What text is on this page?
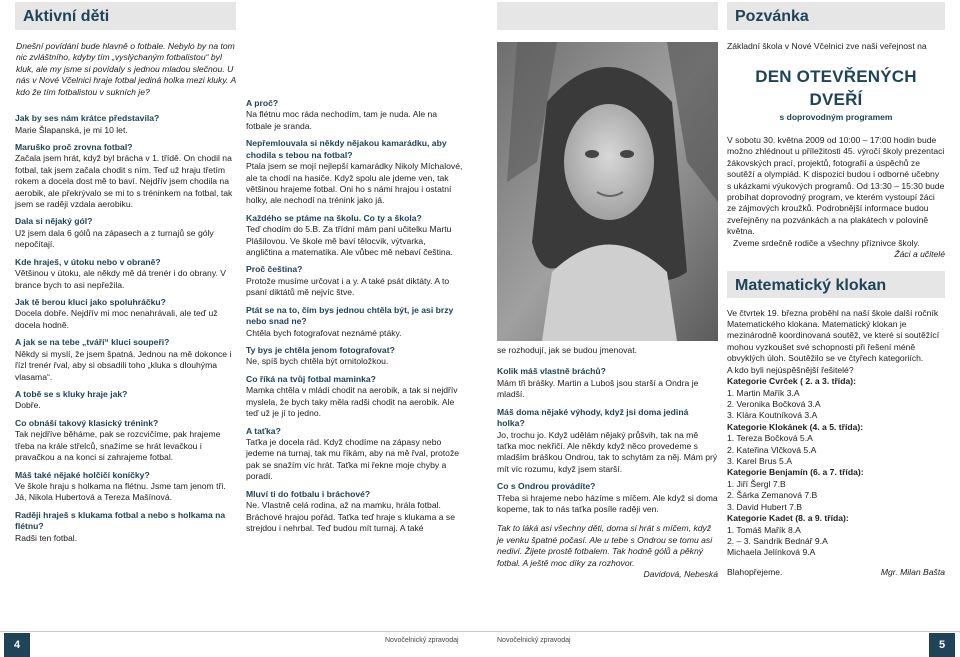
Aktivní děti

Dnešní povídání bude hlavně o fotbale. Nebylo by na tom nic zvláštního, kdyby tím „vyslýchaným fotbalistou“ byl kluk, ale my jsme si povídaly s jednou mladou slečnou. U nás v Nové Včelnici hraje fotbal jediná holka mezi kluky. A kdo že tím fotbalistou v sukních je?

Jak by ses nám krátce představila?

Marie Šlapanská, je mi 10 let.

Maruško proč zrovna fotbal?

Začala jsem hrát, když byl brácha v 1. třídě. On chodil na fotbal, tak jsem začala chodit s ním. Teď už hraju třetím rokem a docela dost mě to baví. Nejdřív jsem chodila na aerobik, ale překrývalo se mi to s tréninkem na fotbal, tak jsem se raději vzdala aerobiku.

Dala si nějaký gól?

Už jsem dala 6 gólů na zápasech a z turnajů se góly nepočítají.

Kde hraješ, v útoku nebo v obraně?

Většinou v útoku, ale někdy mě dá trenér i do obrany. V brance bych to asi nepřežila.

Jak tě berou kluci jako spoluhráčku?

Docela dobře. Nejdřív mi moc nenahrávali, ale teď už docela hodně.

A jak se na tebe „tváří“ kluci soupeři?

Někdy si myslí, že jsem špatná. Jednou na mě dokonce i řízl trenér řval, aby si obsadili toho „kluka s dlouhýma vlasama“.

A tobě se s kluky hraje jak?

Dobře.

Co obnáší takový klasický trénink?

Tak nejdříve běháme, pak se rozcvičíme, pak hrajeme třeba na krále střelců, snažíme se hrát levačkou i pravačkou a na konci si zahrajeme fotbal.

Máš také nějaké holčičí koníčky?

Ve škole hraju s holkama na flétnu. Jsme tam jenom tři. Já, Nikola Hubertová a Tereza Mašínová.

Raději hraješ s klukama fotbal a nebo s holkama na flétnu?

Radši ten fotbal.

A proč?

Na flétnu moc ráda nechodím, tam je nuda. Ale na fotbale je sranda.

Nepřemlouvala si někdy nějakou kamarádku, aby chodila s tebou na fotbal?

Ptala jsem se mojí nejlepší kamarádky Nikoly Míchalové, ale ta chodí na hasiče. Když spolu ale jdeme ven, tak většinou hrajeme fotbal. Oni ho s námi hrajou i ostatní holky, ale nechodí na trénink jako já.

Každého se ptáme na školu. Co ty a škola?

Teď chodím do 5.B. Za třídní mám paní učitelku Martu Plášilovou. Ve škole mě baví tělocvik, výtvarka, angličtina a matematika. Ale vůbec mě nebaví čeština.

Proč čeština?

Protože musíme určovat i a y. A také psát diktáty. A to psaní diktátů mě nejvíc štve.

Ptát se na to, čím bys jednou chtěla být, je asi brzy nebo snad ne?

Chtěla bych fotografovat neznámé ptáky.

Ty bys je chtěla jenom fotografovat?

Ne, spíš bych chtěla být ornitoložkou.

Co říká na tvůj fotbal maminka?

Mamka chtěla v mládí chodit na aerobik, a tak si nejdřív myslela, že bych taky měla radši chodit na aerobik. Ale teď už je jí to jedno.

A taťka?

Taťka je docela rád. Když chodíme na zápasy nebo jedeme na turnaj, tak mu říkám, aby na mě řval, protože pak se snažím víc hrát. Taťka mi řekne moje chyby a poradí.

Mluví ti do fotbalu i bráchové?

Ne. Vlastně celá rodina, až na mamku, hrála fotbal. Bráchové hrajou pořád. Taťka teď hraje s klukama a se strejdou i nehrbal. Teď budou mít turnaj. A také

se rozhodují, jak se budou jmenovat.

Kolik máš vlastně bráchů?

Mám tři brášky. Martin a Luboš jsou starší a Ondra je mladší.

Máš doma nějaké výhody, když jsi doma jediná holka?

Jo, trochu jo. Když udělám nějaký průšvih, tak na mě taťka moc nekřičí. Ale někdy když něco provedeme s mladším bráškou Ondrou, tak to schytám za něj. Mám prý mít víc rozumu, když jsem starší.

Co s Ondrou provádíte?

Třeba si hrajeme nebo házíme s míčem. Ale když si doma kopeme, tak to nás taťka posíle raději ven.

Tak to láká asi všechny děti, doma si hrát s míčem, když je venku špatné počasí. Ale u tebe s Ondrou se tomu asi nediví. Žijete prostě fotbalem. Tak hodně gólů a pěkný fotbal. A ještě moc díky za rozhovor.

Davidová, Nebeská
Pozvánka

Základní škola v Nové Včelnici zve naši veřejnost na

DEN OTEVŘENÝCH DVEŘÍ
s doprovodným programem

V sobotu 30. května 2009 od 10:00 – 17:00 hodin bude možno zhlédnout u příležitosti 45. výročí školy prezentaci žákovských prací, projektů, fotografií a úspěchů ze soutěží a olympiád. K dispozici budou i odborné učebny s ukázkami výukových programů. Od 13:30 – 15:30 bude probíhat doprovodný program, ve kterém vystoupí žáci ze zájmových kroužků. Podrobnější informace budou zveřejněny na pozvánkách a na plakátech v polovině května.

Zveme srdečně rodiče a všechny příznivce školy.
Žáci a učitelé
Matematický klokan

Ve čtvrtek 19. března proběhl na naší škole další ročník Matematického klokana. Matematický klokan je mezinárodně koordinovaná soutěž, ve které si soutěžící mohou vyzkoušet své schopnosti při řešení méně obvyklých úloh. Soutěžilo se ve čtyřech kategoriích.

A kdo byli nejúspěšnější řešitelé?
Kategorie Cvrček ( 2. a 3. třída):
1. Martin Mařík 3.A
2. Veronika Bočková 3.A
3. Klára Koutníková 3.A
Kategorie Klokánek (4. a 5. třída):
1. Tereza Bočková 5.A
2. Kateřina Vlčková 5.A
3. Karel Brus 5.A
Kategorie Benjamín (6. a 7. třída):
1. Jiří Šergl 7.B
2. Šárka Zemanová 7.B
3. David Hubert 7.B
Kategorie Kadet (8. a 9. třída):
1. Tomáš Mařík 8.A
2. – 3. Sandrik Bednář 9.A
Michaela Jelínková 9.A
Blahopřejeme.	Mgr. Milan Bašta
4	Novočelnický zpravodaj	Novočelnický zpravodaj	5
